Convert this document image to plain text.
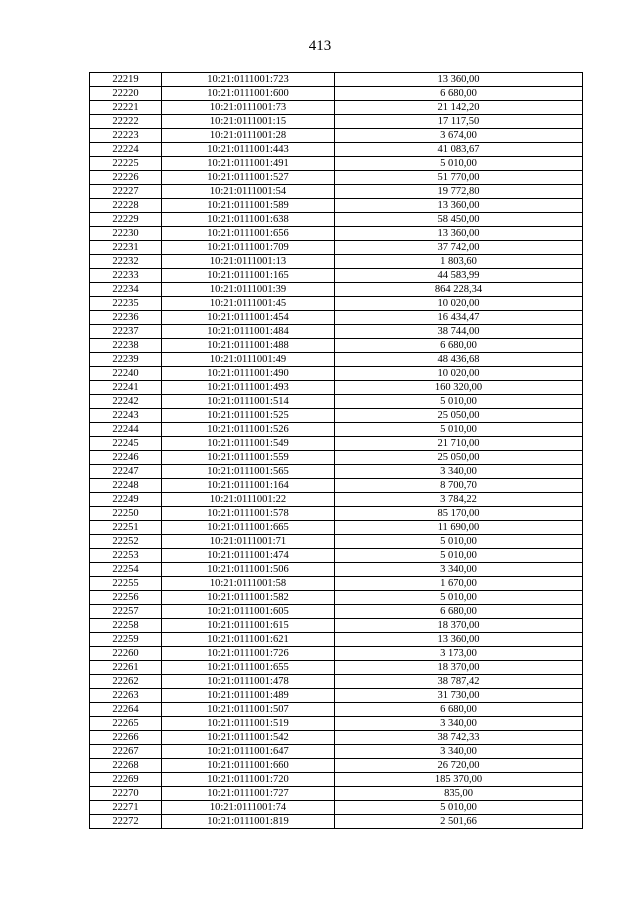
413
22219	10:21:0111001:723	13 360,00
22220	10:21:0111001:600	6 680,00
22221	10:21:0111001:73	21 142,20
22222	10:21:0111001:15	17 117,50
22223	10:21:0111001:28	3 674,00
22224	10:21:0111001:443	41 083,67
22225	10:21:0111001:491	5 010,00
22226	10:21:0111001:527	51 770,00
22227	10:21:0111001:54	19 772,80
22228	10:21:0111001:589	13 360,00
22229	10:21:0111001:638	58 450,00
22230	10:21:0111001:656	13 360,00
22231	10:21:0111001:709	37 742,00
22232	10:21:0111001:13	1 803,60
22233	10:21:0111001:165	44 583,99
22234	10:21:0111001:39	864 228,34
22235	10:21:0111001:45	10 020,00
22236	10:21:0111001:454	16 434,47
22237	10:21:0111001:484	38 744,00
22238	10:21:0111001:488	6 680,00
22239	10:21:0111001:49	48 436,68
22240	10:21:0111001:490	10 020,00
22241	10:21:0111001:493	160 320,00
22242	10:21:0111001:514	5 010,00
22243	10:21:0111001:525	25 050,00
22244	10:21:0111001:526	5 010,00
22245	10:21:0111001:549	21 710,00
22246	10:21:0111001:559	25 050,00
22247	10:21:0111001:565	3 340,00
22248	10:21:0111001:164	8 700,70
22249	10:21:0111001:22	3 784,22
22250	10:21:0111001:578	85 170,00
22251	10:21:0111001:665	11 690,00
22252	10:21:0111001:71	5 010,00
22253	10:21:0111001:474	5 010,00
22254	10:21:0111001:506	3 340,00
22255	10:21:0111001:58	1 670,00
22256	10:21:0111001:582	5 010,00
22257	10:21:0111001:605	6 680,00
22258	10:21:0111001:615	18 370,00
22259	10:21:0111001:621	13 360,00
22260	10:21:0111001:726	3 173,00
22261	10:21:0111001:655	18 370,00
22262	10:21:0111001:478	38 787,42
22263	10:21:0111001:489	31 730,00
22264	10:21:0111001:507	6 680,00
22265	10:21:0111001:519	3 340,00
22266	10:21:0111001:542	38 742,33
22267	10:21:0111001:647	3 340,00
22268	10:21:0111001:660	26 720,00
22269	10:21:0111001:720	185 370,00
22270	10:21:0111001:727	835,00
22271	10:21:0111001:74	5 010,00
22272	10:21:0111001:819	2 501,66
